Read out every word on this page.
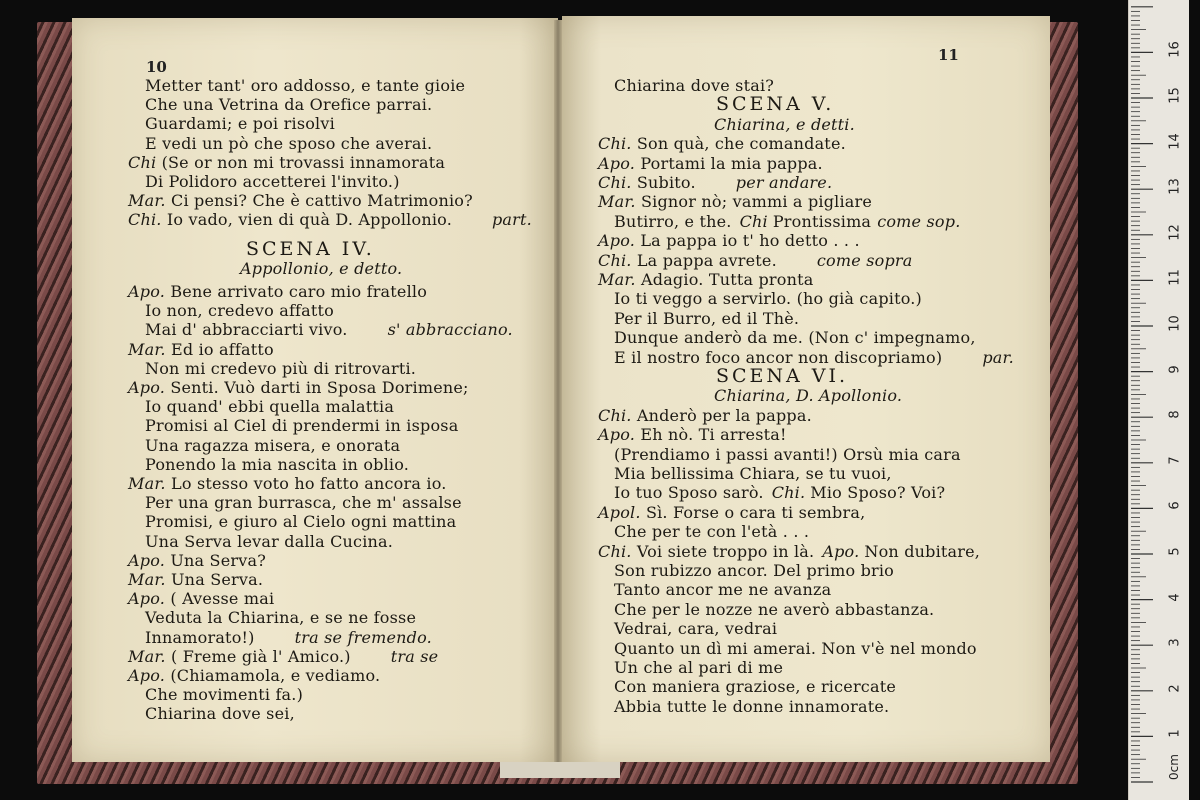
1
2
3
4
5
6
7
8
9
10
11
12
13
14
15
16
0cm
10
11
Metter tant' oro addosso, e tante gioie
Che una Vetrina da Orefice parrai.
Guardami; e poi risolvi
E vedi un pò che sposo che averai.
Chi (Se or non mi trovassi innamorata
Di Polidoro accetterei l'invito.)
Mar. Ci pensi? Che è cattivo Matrimonio?
Chi. Io vado, vien di quà D. Appollonio.	part.
SCENA IV.
Appollonio, e detto.
Apo. Bene arrivato caro mio fratello
Io non, credevo affatto
Mai d' abbracciarti vivo.	s' abbracciano.
Mar. Ed io affatto
Non mi credevo più di ritrovarti.
Apo. Senti. Vuò darti in Sposa Dorimene;
Io quand' ebbi quella malattia
Promisi al Ciel di prendermi in isposa
Una ragazza misera, e onorata
Ponendo la mia nascita in oblio.
Mar. Lo stesso voto ho fatto ancora io.
Per una gran burrasca, che m' assalse
Promisi, e giuro al Cielo ogni mattina
Una Serva levar dalla Cucina.
Apo. Una Serva?
Mar. Una Serva.
Apo. ( Avesse mai
Veduta la Chiarina, e se ne fosse
Innamorato!)	tra se fremendo.
Mar. ( Freme già l' Amico.)	tra se
Apo. (Chiamamola, e vediamo.
Che movimenti fa.)
Chiarina dove sei,
Chiarina dove stai?
SCENA V.
Chiarina, e detti.
Chi. Son quà, che comandate.
Apo. Portami la mia pappa.
Chi. Subito.	per andare.
Mar. Signor nò; vammi a pigliare
Butirro, e the. Chi Prontissima come sop.
Apo. La pappa io t' ho detto . . .
Chi. La pappa avrete.	come sopra
Mar. Adagio. Tutta pronta
Io ti veggo a servirlo. (ho già capito.)
Per il Burro, ed il Thè.
Dunque anderò da me. (Non c' impegnamo,
E il nostro foco ancor non discopriamo)	par.
SCENA VI.
Chiarina, D. Apollonio.
Chi. Anderò per la pappa.
Apo. Eh nò. Ti arresta!
(Prendiamo i passi avanti!) Orsù mia cara
Mia bellissima Chiara, se tu vuoi,
Io tuo Sposo sarò. Chi. Mio Sposo? Voi?
Apol. Sì. Forse o cara ti sembra,
Che per te con l'età . . .
Chi. Voi siete troppo in là. Apo. Non dubitare,
Son rubizzo ancor. Del primo brio
Tanto ancor me ne avanza
Che per le nozze ne averò abbastanza.
Vedrai, cara, vedrai
Quanto un dì mi amerai. Non v'è nel mondo
Un che al pari di me
Con maniera graziose, e ricercate
Abbia tutte le donne innamorate.
